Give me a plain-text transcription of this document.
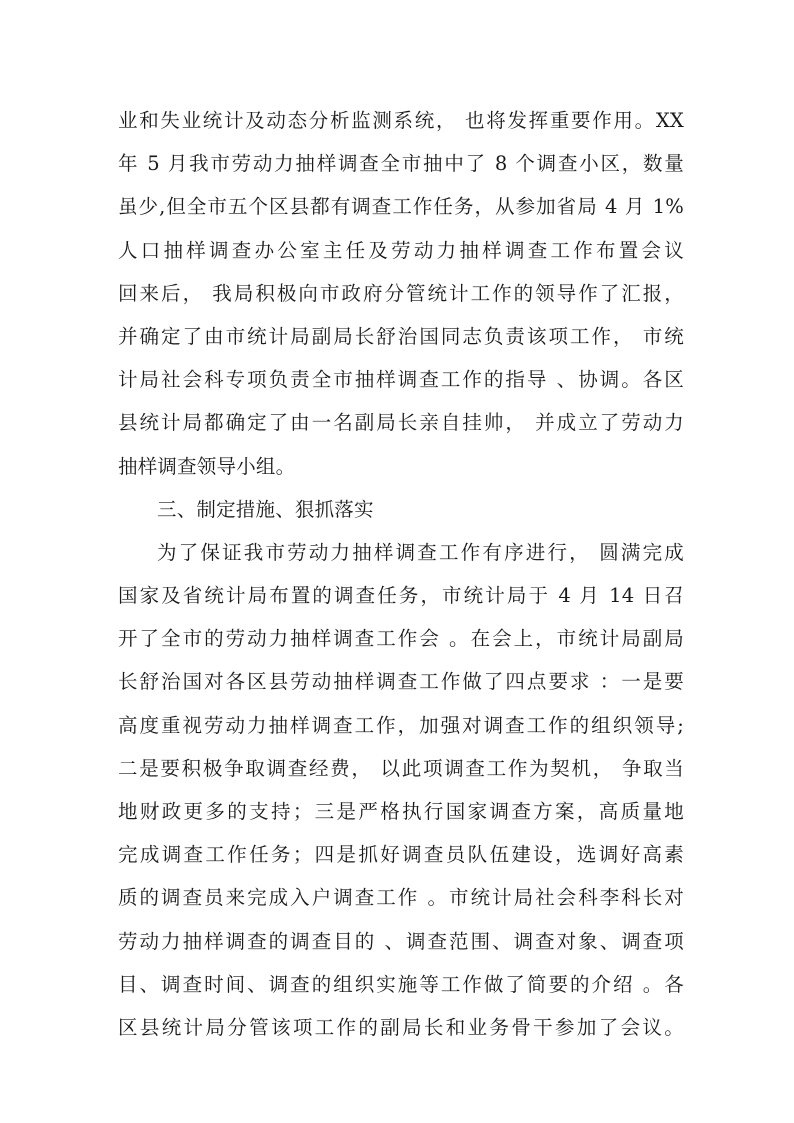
业和失业统计及动态分析监测系统， 也将发挥重要作用。XX
年 5 月我市劳动力抽样调查全市抽中了 8 个调查小区，数量
虽少,但全市五个区县都有调查工作任务，从参加省局 4 月 1%
人口抽样调查办公室主任及劳动力抽样调查工作布置会议
回来后， 我局积极向市政府分管统计工作的领导作了汇报，
并确定了由市统计局副局长舒治国同志负责该项工作， 市统
计局社会科专项负责全市抽样调查工作的指导 、协调。各区
县统计局都确定了由一名副局长亲自挂帅， 并成立了劳动力
抽样调查领导小组。
三、制定措施、狠抓落实
为了保证我市劳动力抽样调查工作有序进行， 圆满完成
国家及省统计局布置的调查任务，市统计局于 4 月 14 日召
开了全市的劳动力抽样调查工作会 。在会上，市统计局副局
长舒治国对各区县劳动抽样调查工作做了四点要求 ：一是要
高度重视劳动力抽样调查工作，加强对调查工作的组织领导;
二是要积极争取调查经费， 以此项调查工作为契机， 争取当
地财政更多的支持；三是严格执行国家调查方案，高质量地
完成调查工作任务；四是抓好调查员队伍建设，选调好高素
质的调查员来完成入户调查工作 。市统计局社会科李科长对
劳动力抽样调查的调查目的 、调查范围、调查对象、调查项
目、调查时间、调查的组织实施等工作做了简要的介绍 。各
区县统计局分管该项工作的副局长和业务骨干参加了会议。
